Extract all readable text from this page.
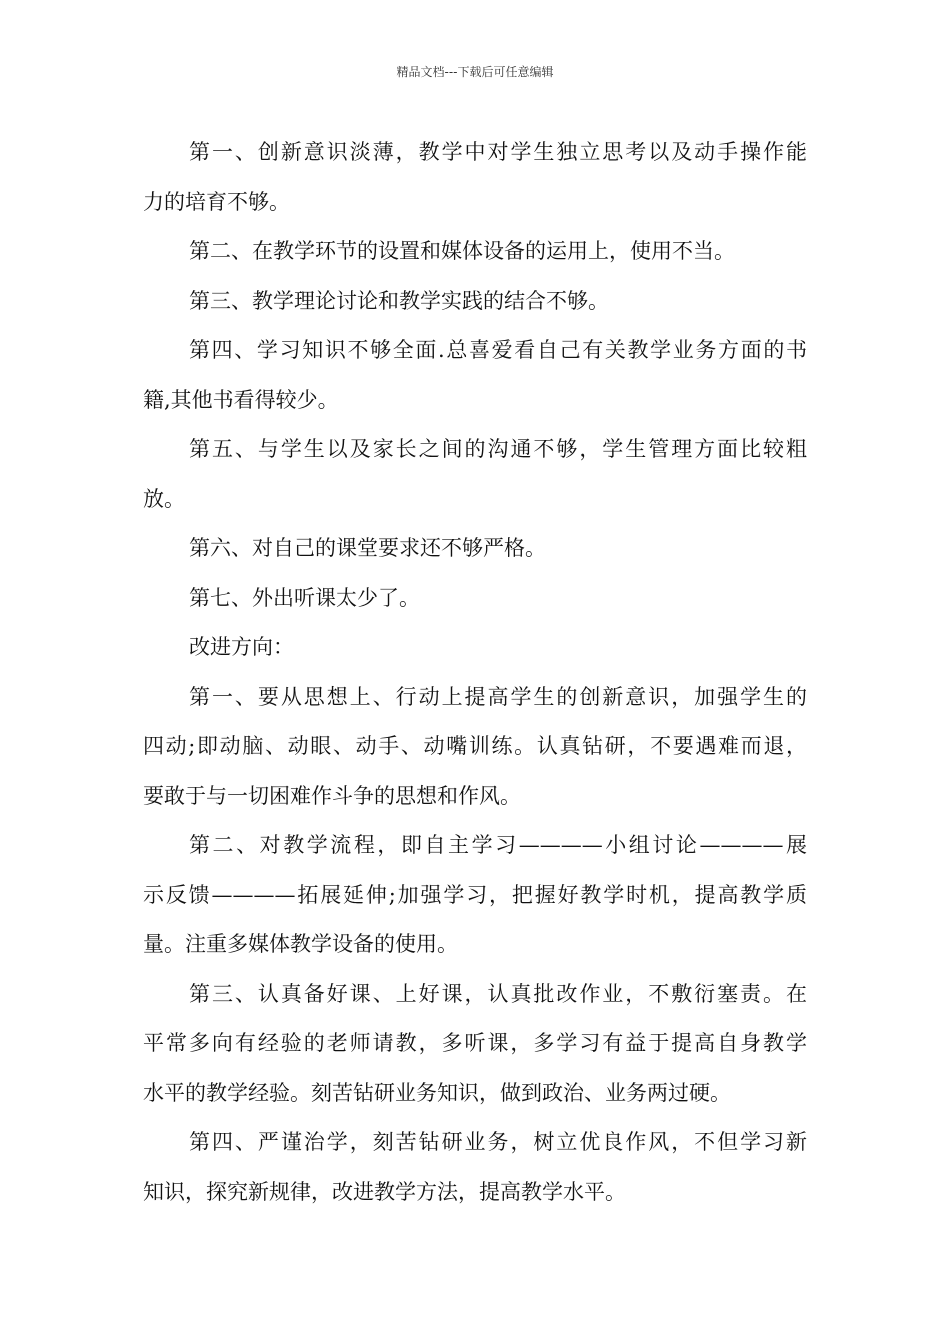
精品文档---下载后可任意编辑
第一、创新意识淡薄，教学中对学生独立思考以及动手操作能
力的培育不够。
第二、在教学环节的设置和媒体设备的运用上，使用不当。
第三、教学理论讨论和教学实践的结合不够。
第四、学习知识不够全面.总喜爱看自己有关教学业务方面的书
籍,其他书看得较少。
第五、与学生以及家长之间的沟通不够，学生管理方面比较粗
放。
第六、对自己的课堂要求还不够严格。
第七、外出听课太少了。
改进方向：
第一、要从思想上、行动上提高学生的创新意识，加强学生的
四动;即动脑、动眼、动手、动嘴训练。认真钻研，不要遇难而退，
要敢于与一切困难作斗争的思想和作风。
第二、对教学流程，即自主学习————小组讨论————展
示反馈————拓展延伸;加强学习，把握好教学时机，提高教学质
量。注重多媒体教学设备的使用。
第三、认真备好课、上好课，认真批改作业，不敷衍塞责。在
平常多向有经验的老师请教，多听课，多学习有益于提高自身教学
水平的教学经验。刻苦钻研业务知识，做到政治、业务两过硬。
第四、严谨治学，刻苦钻研业务，树立优良作风，不但学习新
知识，探究新规律，改进教学方法，提高教学水平。
